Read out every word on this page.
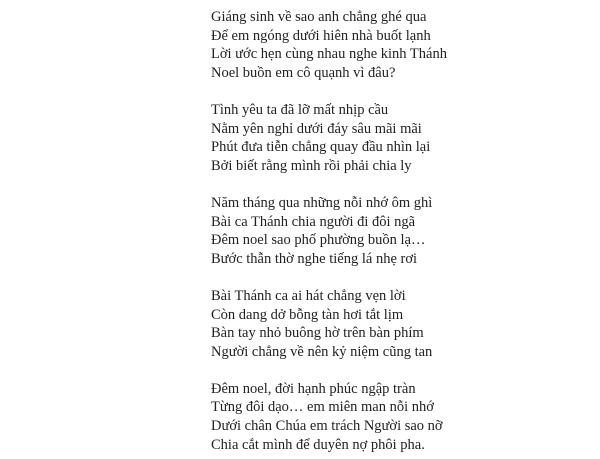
Giáng sinh về sao anh chẳng ghé qua
Để em ngóng dưới hiên nhà buốt lạnh
Lời ước hẹn cùng nhau nghe kinh Thánh
Noel buồn em cô quạnh vì đâu?
Tình yêu ta đã lỡ mất nhịp cầu
Nằm yên nghỉ dưới đáy sâu mãi mãi
Phút đưa tiễn chẳng quay đầu nhìn lại
Bởi biết rằng mình rồi phải chia ly
Năm tháng qua những nỗi nhớ ôm ghì
Bài ca Thánh chia người đi đôi ngã
Đêm noel sao phố phường buồn lạ…
Bước thẫn thờ nghe tiếng lá nhẹ rơi
Bài Thánh ca ai hát chẳng vẹn lời
Còn dang dở bỗng tàn hơi tắt lịm
Bàn tay nhỏ buông hờ trên bàn phím
Người chẳng về nên kỷ niệm cũng tan
Đêm noel, đời hạnh phúc ngập tràn
Từng đôi dạo… em miên man nỗi nhớ
Dưới chân Chúa em trách Người sao nỡ
Chia cắt mình để duyên nợ phôi pha.
